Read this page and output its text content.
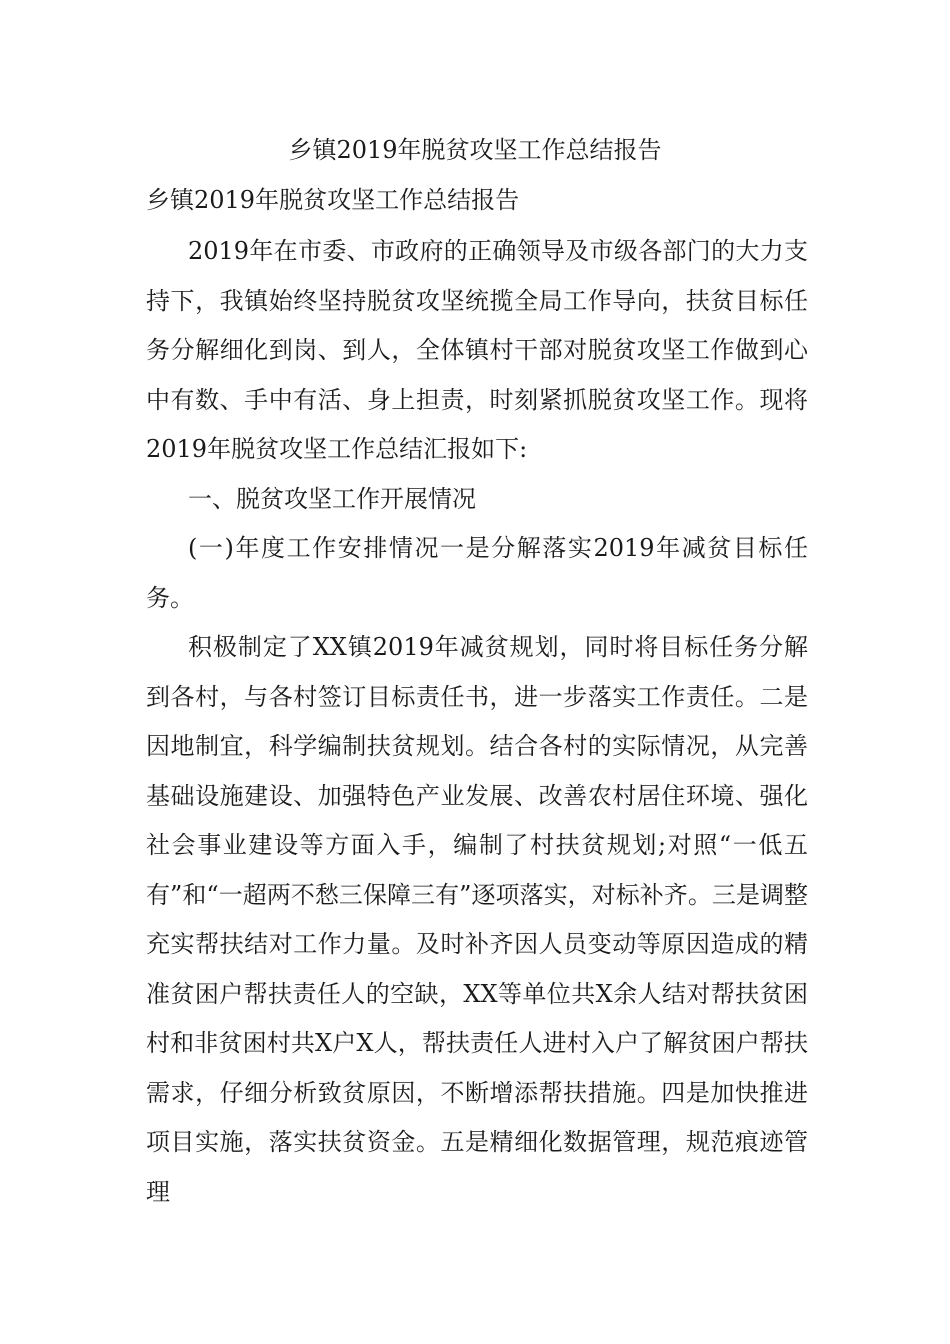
乡镇2019年脱贫攻坚工作总结报告
乡镇2019年脱贫攻坚工作总结报告

2019年在市委、市政府的正确领导及市级各部门的大力支持下，我镇始终坚持脱贫攻坚统揽全局工作导向，扶贫目标任务分解细化到岗、到人，全体镇村干部对脱贫攻坚工作做到心中有数、手中有活、身上担责，时刻紧抓脱贫攻坚工作。现将2019年脱贫攻坚工作总结汇报如下:

一、脱贫攻坚工作开展情况

(一)年度工作安排情况一是分解落实2019年减贫目标任务。

积极制定了XX镇2019年减贫规划，同时将目标任务分解到各村，与各村签订目标责任书，进一步落实工作责任。二是因地制宜，科学编制扶贫规划。结合各村的实际情况，从完善基础设施建设、加强特色产业发展、改善农村居住环境、强化社会事业建设等方面入手，编制了村扶贫规划;对照“一低五有”和“一超两不愁三保障三有”逐项落实，对标补齐。三是调整充实帮扶结对工作力量。及时补齐因人员变动等原因造成的精准贫困户帮扶责任人的空缺，XX等单位共X余人结对帮扶贫困村和非贫困村共X户X人，帮扶责任人进村入户了解贫困户帮扶需求，仔细分析致贫原因，不断增添帮扶措施。四是加快推进项目实施，落实扶贫资金。五是精细化数据管理，规范痕迹管理
